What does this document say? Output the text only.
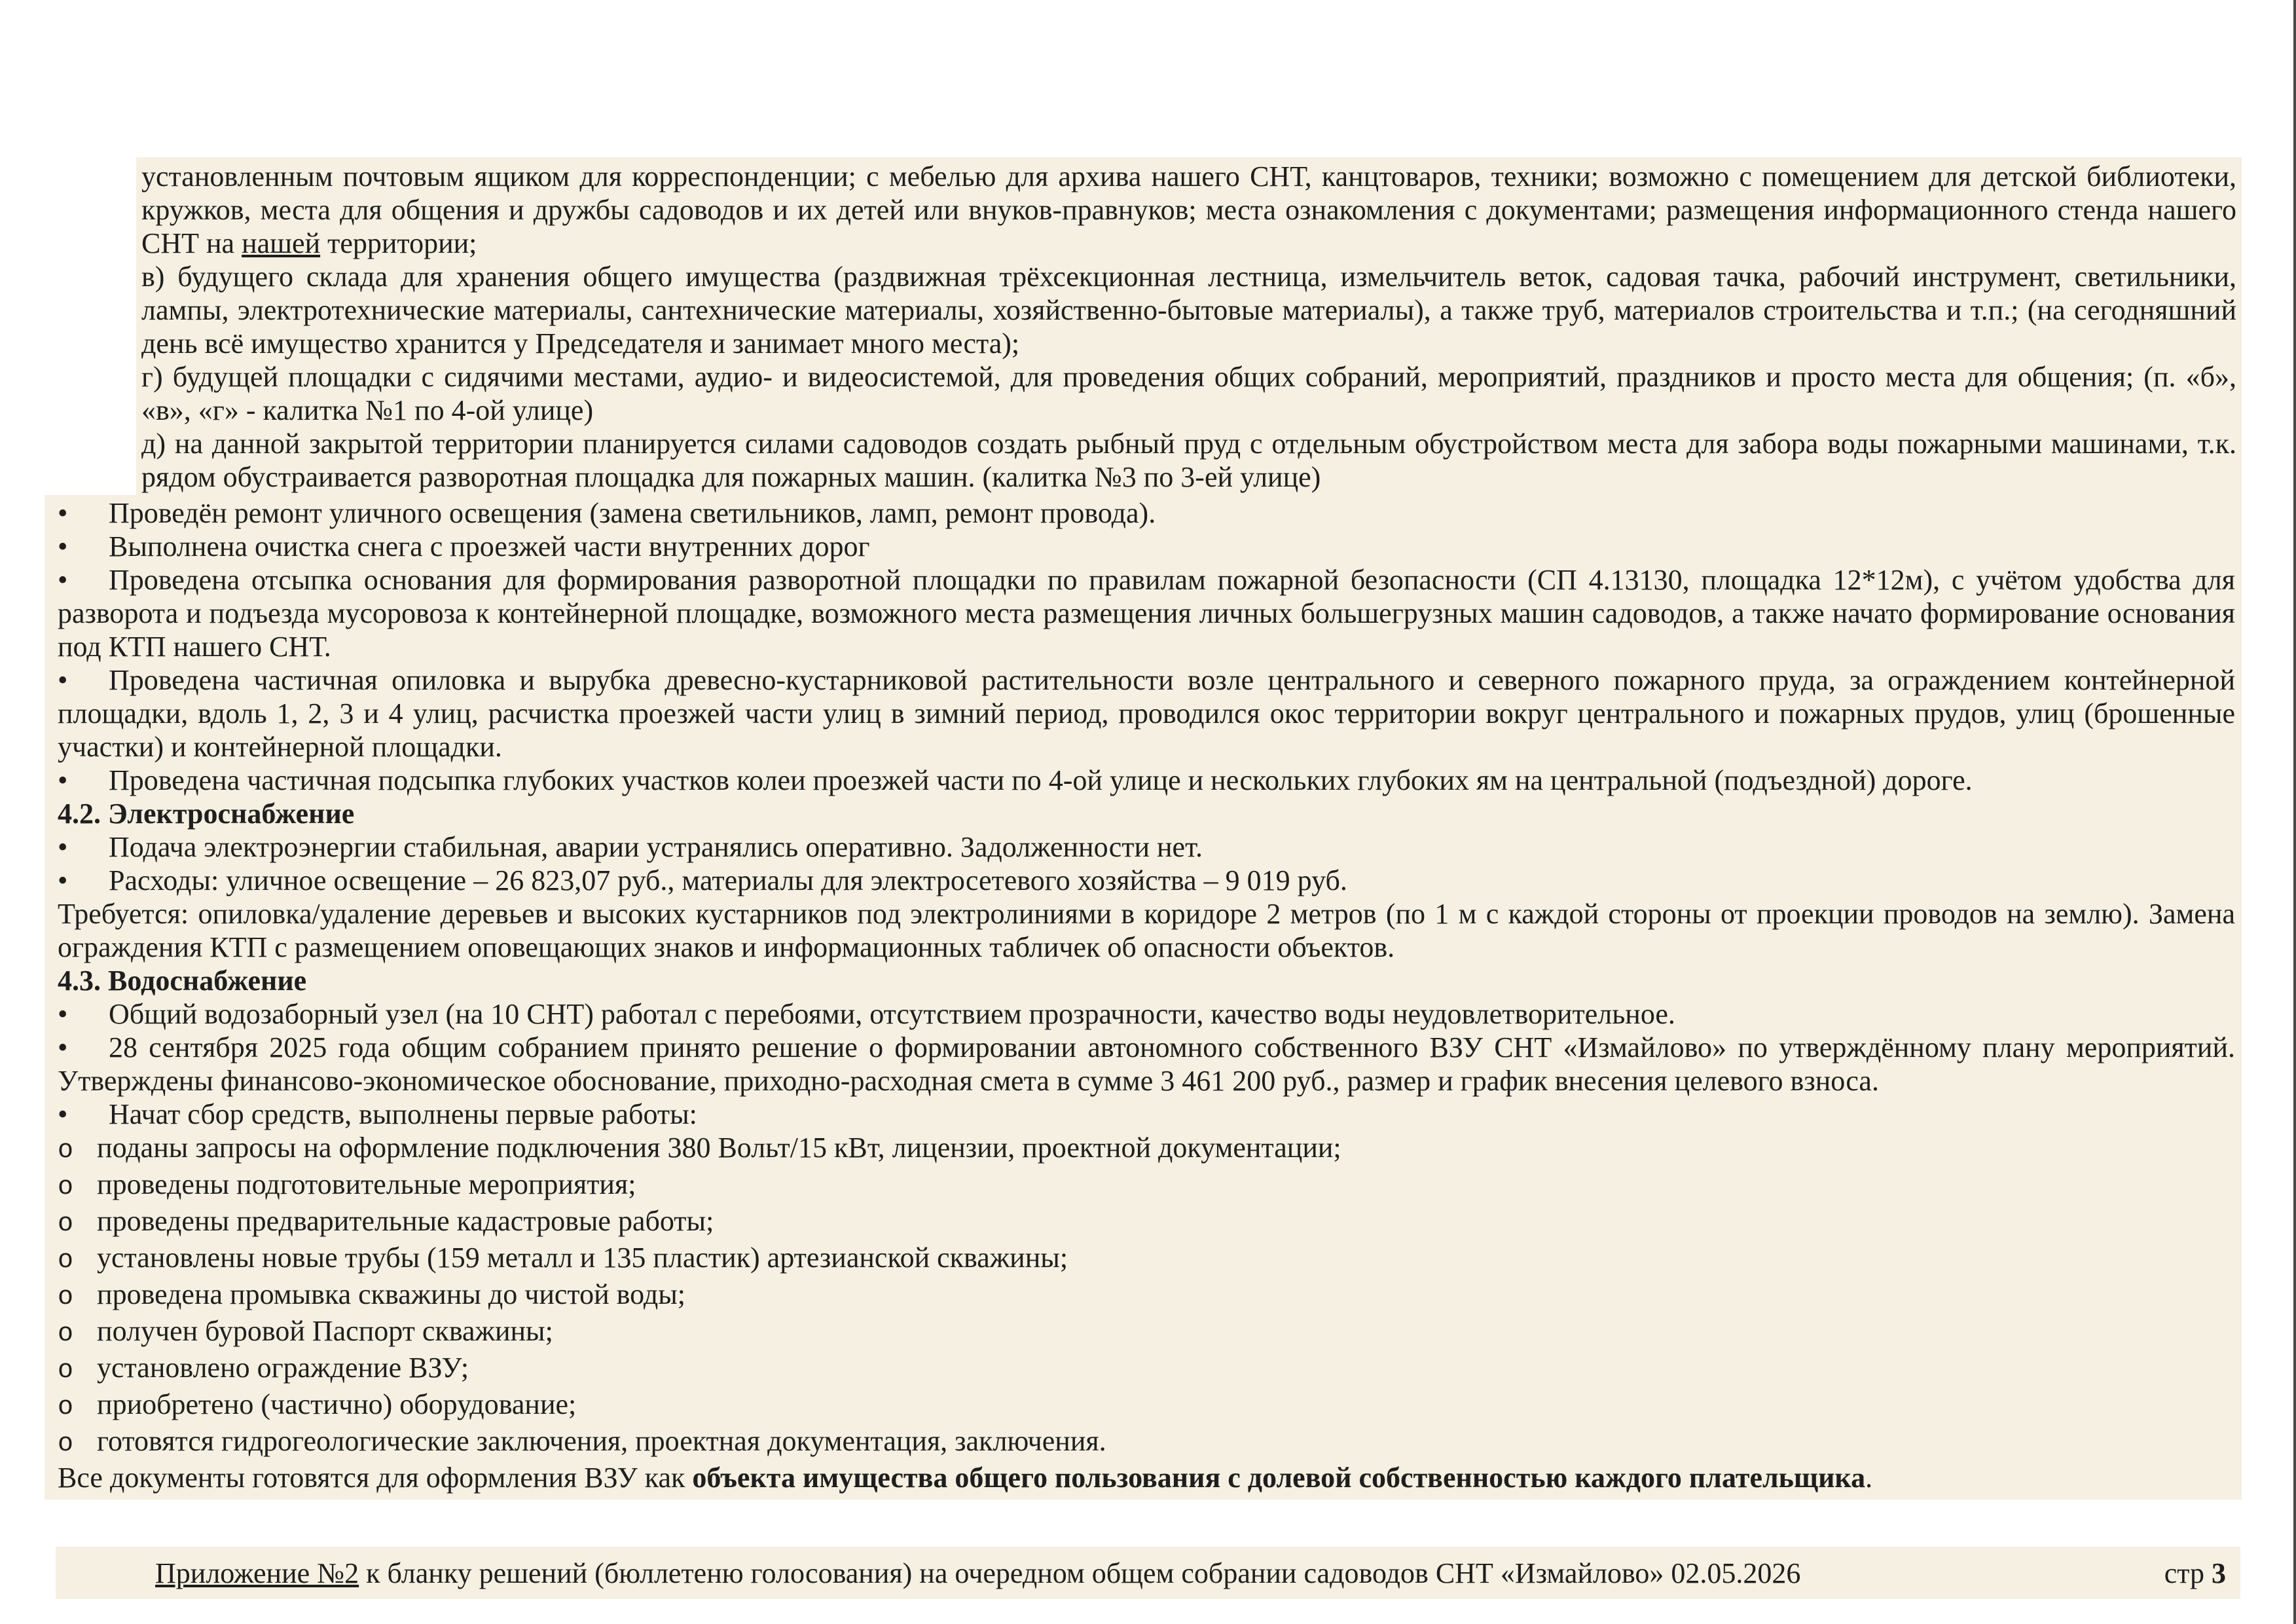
установленным почтовым ящиком для корреспонденции; с мебелью для архива нашего СНТ, канцтоваров, техники; возможно с помещением для детской библиотеки, кружков, места для общения и дружбы садоводов и их детей или внуков-правнуков; места ознакомления с документами; размещения информационного стенда нашего СНТ на нашей территории;

в) будущего склада для хранения общего имущества (раздвижная трёхсекционная лестница, измельчитель веток, садовая тачка, рабочий инструмент, светильники, лампы, электротехнические материалы, сантехнические материалы, хозяйственно-бытовые материалы), а также труб, материалов строительства и т.п.; (на сегодняшний день всё имущество хранится у Председателя и занимает много места);

г) будущей площадки с сидячими местами, аудио- и видеосистемой, для проведения общих собраний, мероприятий, праздников и просто места для общения; (п. «б», «в», «г» - калитка №1 по 4-ой улице)

д) на данной закрытой территории планируется силами садоводов создать рыбный пруд с отдельным обустройством места для забора воды пожарными машинами, т.к. рядом обустраивается разворотная площадка для пожарных машин. (калитка №3 по 3-ей улице)

• Проведён ремонт уличного освещения (замена светильников, ламп, ремонт провода).
• Выполнена очистка снега с проезжей части внутренних дорог
• Проведена отсыпка основания для формирования разворотной площадки по правилам пожарной безопасности (СП 4.13130, площадка 12*12м), с учётом удобства для разворота и подъезда мусоровоза к контейнерной площадке, возможного места размещения личных большегрузных машин садоводов, а также начато формирование основания под КТП нашего СНТ.
• Проведена частичная опиловка и вырубка древесно-кустарниковой растительности возле центрального и северного пожарного пруда, за ограждением контейнерной площадки, вдоль 1, 2, 3 и 4 улиц, расчистка проезжей части улиц в зимний период, проводился окос территории вокруг центрального и пожарных прудов, улиц (брошенные участки) и контейнерной площадки.
• Проведена частичная подсыпка глубоких участков колеи проезжей части по 4-ой улице и нескольких глубоких ям на центральной (подъездной) дороге.
4.2. Электроснабжение
• Подача электроэнергии стабильная, аварии устранялись оперативно. Задолженности нет.
• Расходы: уличное освещение – 26 823,07 руб., материалы для электросетевого хозяйства – 9 019 руб.
Требуется: опиловка/удаление деревьев и высоких кустарников под электролиниями в коридоре 2 метров (по 1 м с каждой стороны от проекции проводов на землю). Замена ограждения КТП с размещением оповещающих знаков и информационных табличек об опасности объектов.
4.3. Водоснабжение
• Общий водозаборный узел (на 10 СНТ) работал с перебоями, отсутствием прозрачности, качество воды неудовлетворительное.
• 28 сентября 2025 года общим собранием принято решение о формировании автономного собственного ВЗУ СНТ «Измайлово» по утверждённому плану мероприятий. Утверждены финансово-экономическое обоснование, приходно-расходная смета в сумме 3 461 200 руб., размер и график внесения целевого взноса.
• Начат сбор средств, выполнены первые работы:
o поданы запросы на оформление подключения 380 Вольт/15 кВт, лицензии, проектной документации;
o проведены подготовительные мероприятия;
o проведены предварительные кадастровые работы;
o установлены новые трубы (159 металл и 135 пластик) артезианской скважины;
o проведена промывка скважины до чистой воды;
o получен буровой Паспорт скважины;
o установлено ограждение ВЗУ;
o приобретено (частично) оборудование;
o готовятся гидрогеологические заключения, проектная документация, заключения.
Все документы готовятся для оформления ВЗУ как объекта имущества общего пользования с долевой собственностью каждого плательщика.
Приложение №2 к бланку решений (бюллетеню голосования) на очередном общем собрании садоводов СНТ «Измайлово» 02.05.2026	стр 3
